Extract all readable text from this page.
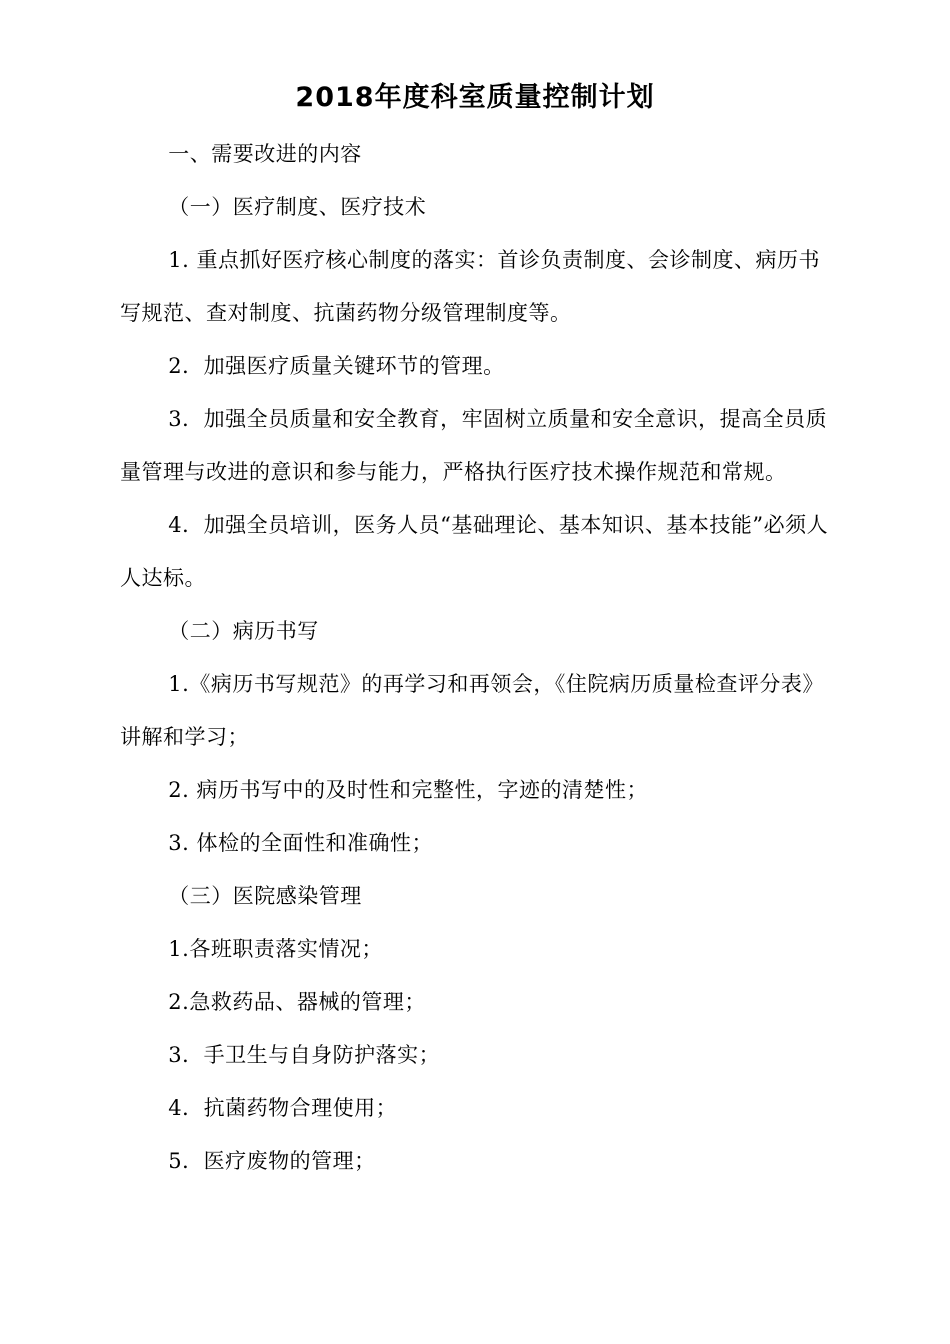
2018年度科室质量控制计划

一、需要改进的内容

（一）医疗制度、医疗技术

1. 重点抓好医疗核心制度的落实：首诊负责制度、会诊制度、病历书写规范、查对制度、抗菌药物分级管理制度等。

2．加强医疗质量关键环节的管理。

3．加强全员质量和安全教育，牢固树立质量和安全意识，提高全员质量管理与改进的意识和参与能力，严格执行医疗技术操作规范和常规。

4．加强全员培训，医务人员“基础理论、基本知识、基本技能”必须人人达标。

（二）病历书写

1.《病历书写规范》的再学习和再领会，《住院病历质量检查评分表》讲解和学习；

2. 病历书写中的及时性和完整性，字迹的清楚性；

3. 体检的全面性和准确性；

（三）医院感染管理

1.各班职责落实情况；

2.急救药品、器械的管理；

3．手卫生与自身防护落实；

4．抗菌药物合理使用；

5．医疗废物的管理；
